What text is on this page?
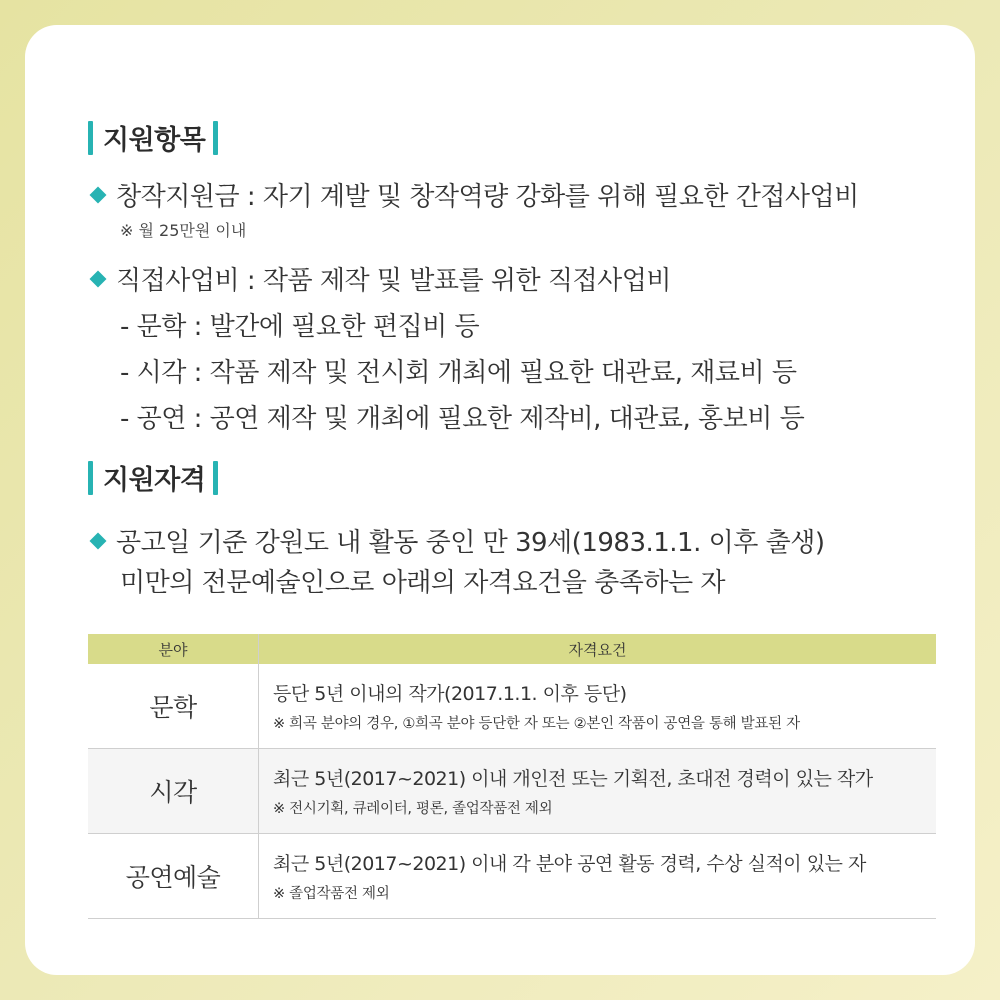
지원항목
창작지원금 : 자기 계발 및 창작역량 강화를 위해 필요한 간접사업비
※ 월 25만원 이내
직접사업비 : 작품 제작 및 발표를 위한 직접사업비
- 문학 : 발간에 필요한 편집비 등
- 시각 : 작품 제작 및 전시회 개최에 필요한 대관료, 재료비 등
- 공연 : 공연 제작 및 개최에 필요한 제작비, 대관료, 홍보비 등
지원자격
공고일 기준 강원도 내 활동 중인 만 39세(1983.1.1. 이후 출생)
미만의 전문예술인으로 아래의 자격요건을 충족하는 자
분야	자격요건
문학	등단 5년 이내의 작가(2017.1.1. 이후 등단)
※ 희곡 분야의 경우, ①희곡 분야 등단한 자 또는 ②본인 작품이 공연을 통해 발표된 자

시각	최근 5년(2017~2021) 이내 개인전 또는 기획전, 초대전 경력이 있는 작가
※ 전시기획, 큐레이터, 평론, 졸업작품전 제외

공연예술	최근 5년(2017~2021) 이내 각 분야 공연 활동 경력, 수상 실적이 있는 자
※ 졸업작품전 제외
